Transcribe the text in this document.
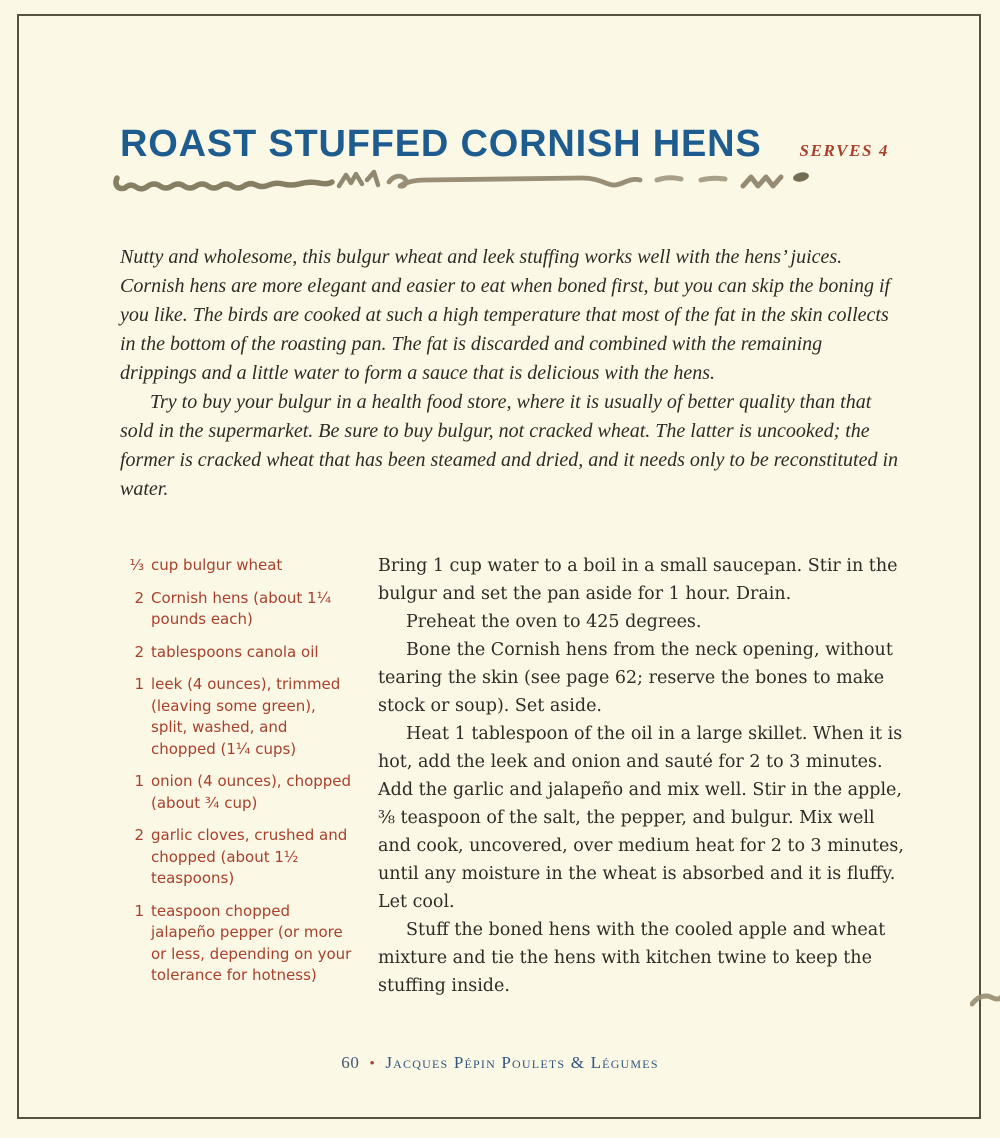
ROAST STUFFED CORNISH HENS SERVES 4

Nutty and wholesome, this bulgur wheat and leek stuffing works well with the hens’ juices. Cornish hens are more elegant and easier to eat when boned first, but you can skip the boning if you like. The birds are cooked at such a high temperature that most of the fat in the skin collects in the bottom of the roasting pan. The fat is discarded and combined with the remaining drippings and a little water to form a sauce that is delicious with the hens.

Try to buy your bulgur in a health food store, where it is usually of better quality than that sold in the supermarket. Be sure to buy bulgur, not cracked wheat. The latter is uncooked; the former is cracked wheat that has been steamed and dried, and it needs only to be reconstituted in water.

⅓ cup bulgur wheat
2 Cornish hens (about 1¼ pounds each)
2 tablespoons canola oil
1 leek (4 ounces), trimmed (leaving some green), split, washed, and chopped (1¼ cups)
1 onion (4 ounces), chopped (about ¾ cup)
2 garlic cloves, crushed and chopped (about 1½ teaspoons)
1 teaspoon chopped jalapeño pepper (or more or less, depending on your tolerance for hotness)

Bring 1 cup water to a boil in a small saucepan. Stir in the bulgur and set the pan aside for 1 hour. Drain.

Preheat the oven to 425 degrees.

Bone the Cornish hens from the neck opening, without tearing the skin (see page 62; reserve the bones to make stock or soup). Set aside.

Heat 1 tablespoon of the oil in a large skillet. When it is hot, add the leek and onion and sauté for 2 to 3 minutes. Add the garlic and jalapeño and mix well. Stir in the apple, ⅜ teaspoon of the salt, the pepper, and bulgur. Mix well and cook, uncovered, over medium heat for 2 to 3 minutes, until any moisture in the wheat is absorbed and it is fluffy. Let cool.

Stuff the boned hens with the cooled apple and wheat mixture and tie the hens with kitchen twine to keep the stuffing inside.

60 • Jacques Pépin Poulets & Légumes
